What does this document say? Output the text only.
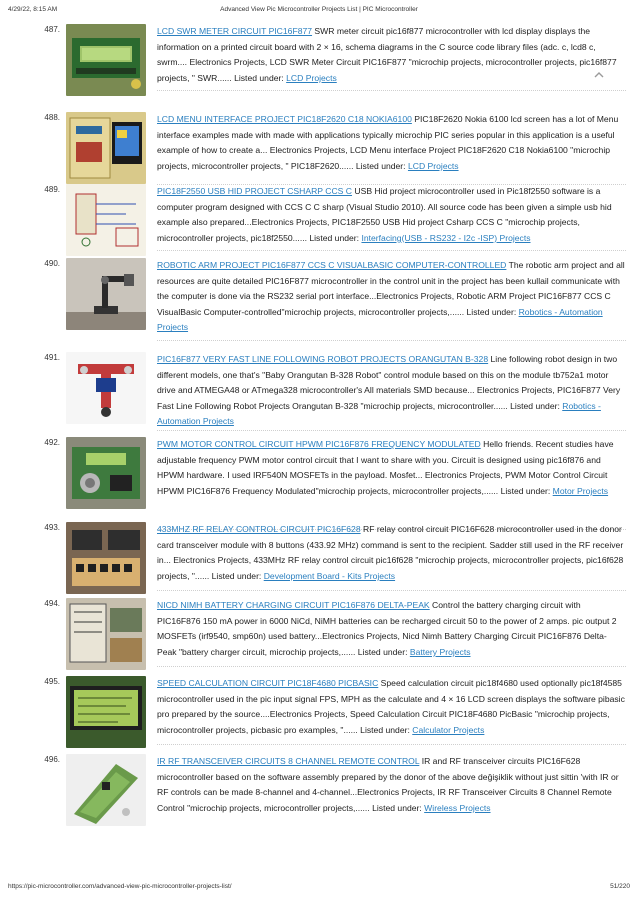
4/29/22, 8:15 AM	Advanced View Pic Microcontroller Projects List | PIC Microcontroller
487.	LCD SWR METER CIRCUIT PIC16F877 SWR meter circuit pic16f877 microcontroller with lcd display displays the information on a printed circuit board with 2 × 16, schema diagrams in the C source code library files (adc. c, lcd8 c, swrm.... Electronics Projects, LCD SWR Meter Circuit PIC16F877 "microchip projects, microcontroller projects, pic16f877 projects, " SWR...... Listed under: LCD Projects
488.	LCD MENU INTERFACE PROJECT PIC18F2620 C18 NOKIA6100 PIC18F2620 Nokia 6100 lcd screen has a lot of Menu interface examples made with made with applications typically microchip PIC series popular in this application is a useful example of how to create a... Electronics Projects, LCD Menu interface Project PIC18F2620 C18 Nokia6100 "microchip projects, microcontroller projects, " PIC18F2620...... Listed under: LCD Projects
489.	PIC18F2550 USB HID PROJECT CSHARP CCS C USB Hid project microcontroller used in Pic18f2550 software is a computer program designed with CCS C C sharp (Visual Studio 2010). All source code has been given a simple usb hid example also prepared...Electronics Projects, PIC18F2550 USB Hid project Csharp CCS C "microchip projects, microcontroller projects, pic18f2550...... Listed under: Interfacing(USB - RS232 - I2c -ISP) Projects
490.	ROBOTIC ARM PROJECT PIC16F877 CCS C VISUALBASIC COMPUTER-CONTROLLED The robotic arm project and all resources are quite detailed PIC16F877 microcontroller in the control unit in the project has been kullail communicate with the computer is done via the RS232 serial port interface...Electronics Projects, Robotic ARM Project PIC16F877 CCS C VisualBasic Computer-controlled"microchip projects, microcontroller projects,...... Listed under: Robotics - Automation Projects
491.	PIC16F877 VERY FAST LINE FOLLOWING ROBOT PROJECTS ORANGUTAN B-328 Line following robot design in two different models, one that's "Baby Orangutan B-328 Robot" control module based on this on the module tb752a1 motor drive and ATMEGA48 or ATmega328 microcontroller's All materials SMD because... Electronics Projects, PIC16F877 Very Fast Line Following Robot Projects Orangutan B-328 "microchip projects, microcontroller...... Listed under: Robotics - Automation Projects
492.	PWM MOTOR CONTROL CIRCUIT HPWM PIC16F876 FREQUENCY MODULATED Hello friends. Recent studies have adjustable frequency PWM motor control circuit that I want to share with you. Circuit is designed using pic16f876 and HPWM hardware. I used IRF540N MOSFETs in the payload. Mosfet... Electronics Projects, PWM Motor Control Circuit HPWM PIC16F876 Frequency Modulated"microchip projects, microcontroller projects,...... Listed under: Motor Projects
493.	433MHZ RF RELAY CONTROL CIRCUIT PIC16F628 RF relay control circuit PIC16F628 microcontroller used in the donor card transceiver module with 8 buttons (433.92 MHz) command is sent to the recipient. Sadder still used in the RF receiver in... Electronics Projects, 433MHz RF relay control circuit pic16f628 "microchip projects, microcontroller projects, pic16f628 projects, "...... Listed under: Development Board - Kits Projects
494.	NICD NIMH BATTERY CHARGING CIRCUIT PIC16F876 DELTA-PEAK Control the battery charging circuit with PIC16F876 150 mA power in 6000 NiCd, NiMH batteries can be recharged circuit 50 to the power of 2 amps. pic output 2 MOSFETs (irf9540, smp60n) used battery...Electronics Projects, Nicd Nimh Battery Charging Circuit PIC16F876 Delta-Peak "battery charger circuit, microchip projects,...... Listed under: Battery Projects
495.	SPEED CALCULATION CIRCUIT PIC18F4680 PICBASIC Speed calculation circuit pic18f4680 used optionally pic18f4585 microcontroller used in the pic input signal FPS, MPH as the calculate and 4 × 16 LCD screen displays the software pibasic pro prepared by the source....Electronics Projects, Speed Calculation Circuit PIC18F4680 PicBasic "microchip projects, microcontroller projects, picbasic pro examples, "...... Listed under: Calculator Projects
496.	IR RF TRANSCEIVER CIRCUITS 8 CHANNEL REMOTE CONTROL IR and RF transceiver circuits PIC16F628 microcontroller based on the software assembly prepared by the donor of the above değişiklik without just sittin 'with IR or RF controls can be made 8-channel and 4-channel...Electronics Projects, IR RF Transceiver Circuits 8 Channel Remote Control "microchip projects, microcontroller projects,...... Listed under: Wireless Projects
https://pic-microcontroller.com/advanced-view-pic-microcontroller-projects-list/	51/220
